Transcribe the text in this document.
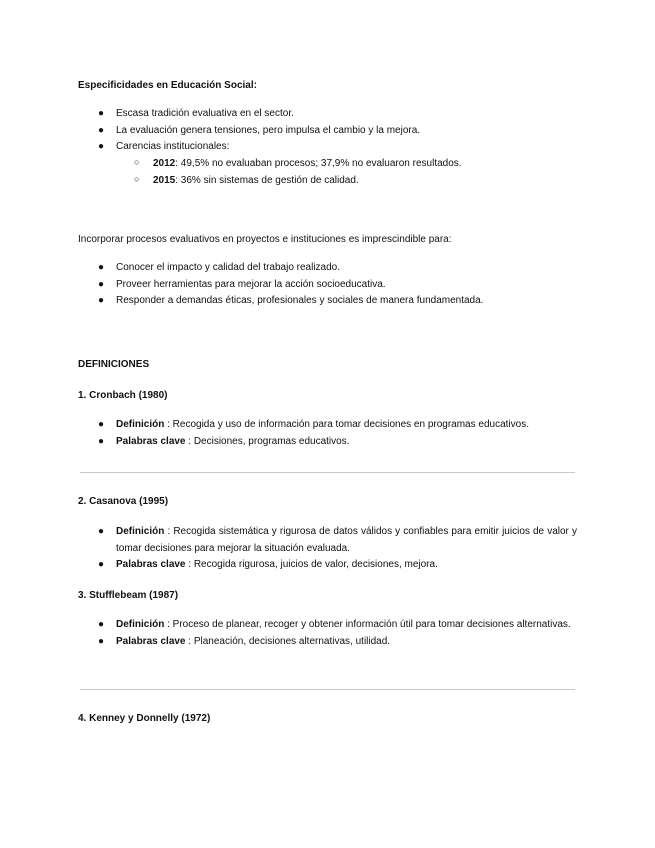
Especificidades en Educación Social:
● Escasa tradición evaluativa en el sector.
● La evaluación genera tensiones, pero impulsa el cambio y la mejora.
● Carencias institucionales:
○ 2012: 49,5% no evaluaban procesos; 37,9% no evaluaron resultados.
○ 2015: 36% sin sistemas de gestión de calidad.
Incorporar procesos evaluativos en proyectos e instituciones es imprescindible para:
● Conocer el impacto y calidad del trabajo realizado.
● Proveer herramientas para mejorar la acción socioeducativa.
● Responder a demandas éticas, profesionales y sociales de manera fundamentada.
DEFINICIONES
1. Cronbach (1980)
● Definición : Recogida y uso de información para tomar decisiones en programas educativos.
● Palabras clave : Decisiones, programas educativos.
2. Casanova (1995)
● Definición : Recogida sistemática y rigurosa de datos válidos y confiables para emitir juicios de valor y tomar decisiones para mejorar la situación evaluada.
● Palabras clave : Recogida rigurosa, juicios de valor, decisiones, mejora.
3. Stufflebeam (1987)
● Definición : Proceso de planear, recoger y obtener información útil para tomar decisiones alternativas.
● Palabras clave : Planeación, decisiones alternativas, utilidad.
4. Kenney y Donnelly (1972)
